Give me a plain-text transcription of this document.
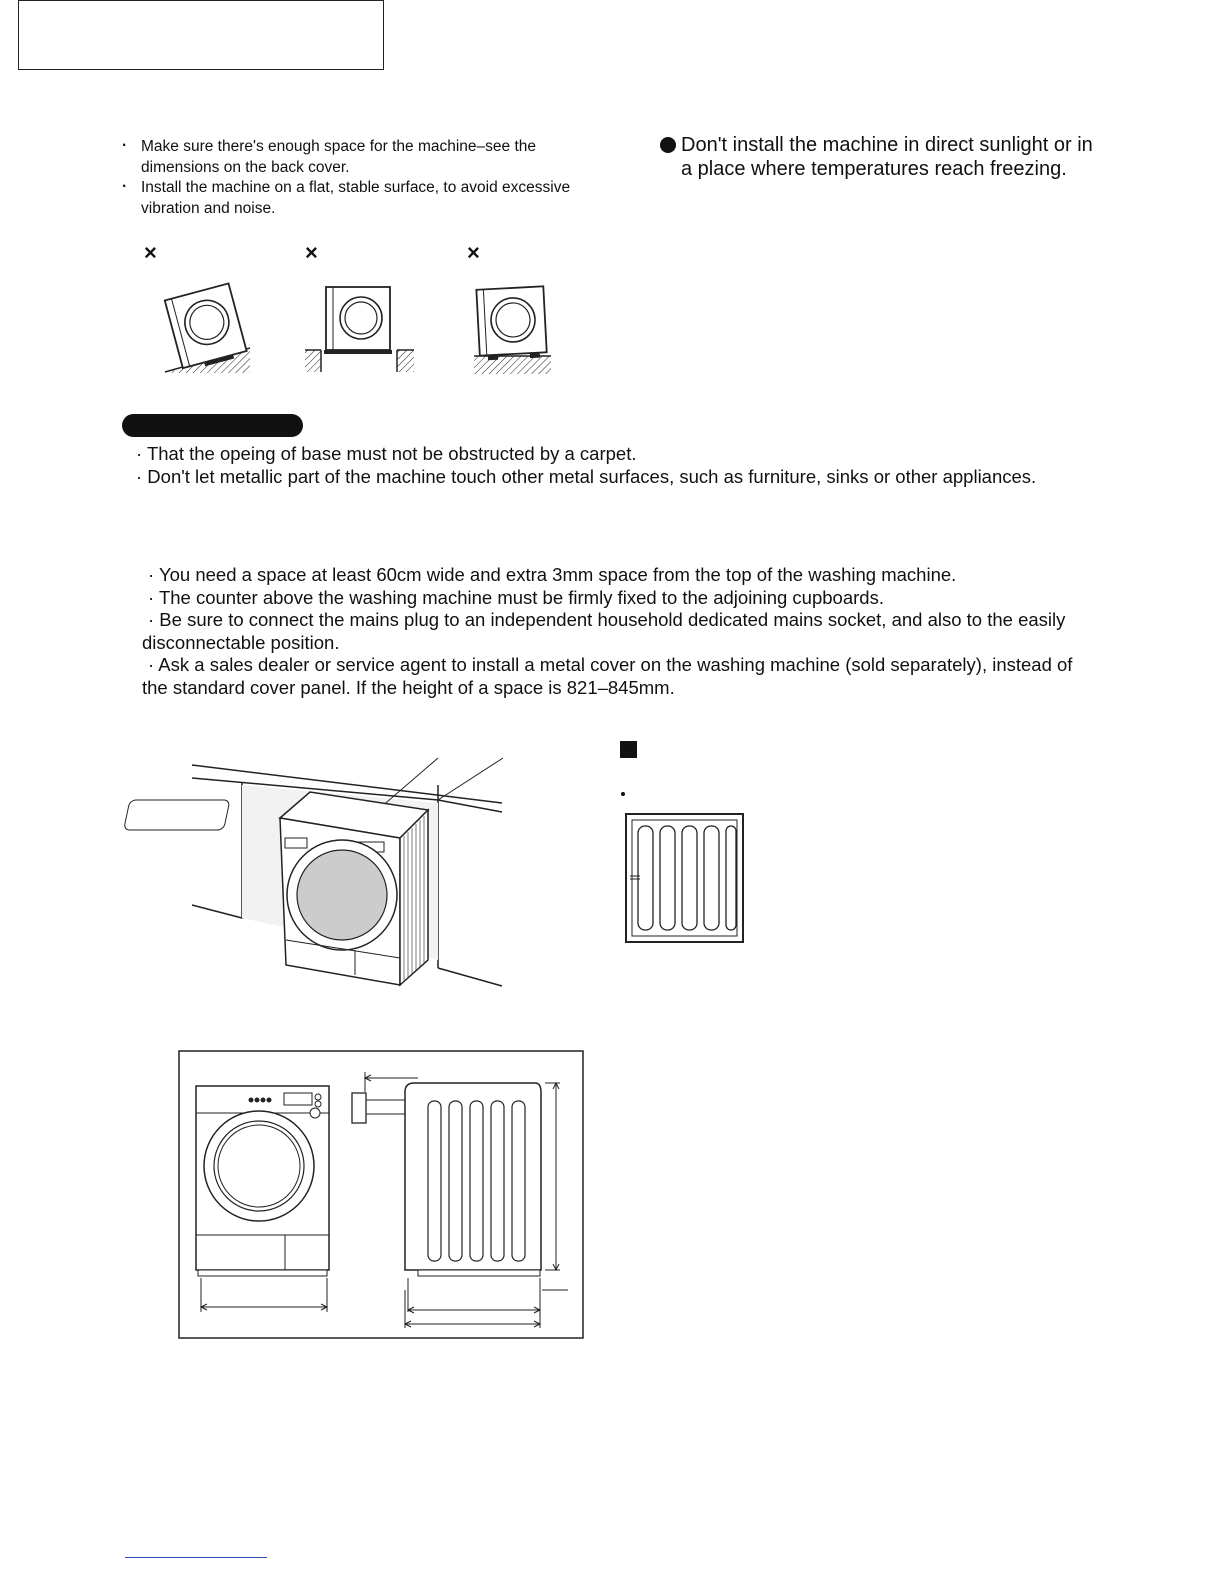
· Make sure there's enough space for the machine–see the dimensions on the back cover.
· Install the machine on a flat, stable surface, to avoid excessive vibration and noise.
Don't install the machine in direct sunlight or in a place where temperatures reach freezing.
×	×	×
· That the opeing of base must not be obstructed by a carpet.
· Don't let metallic part of the machine touch other metal surfaces, such as furniture, sinks or other appliances.
· You need a space at least 60cm wide and extra 3mm space from the top of the washing machine.
· The counter above the washing machine must be firmly fixed to the adjoining cupboards.
· Be sure to connect the mains plug to an independent household dedicated mains socket, and also to the easily disconnectable position.
· Ask a sales dealer or service agent to install a metal cover on the washing machine (sold separately), instead of the standard cover panel. If the height of a space is 821–845mm.
